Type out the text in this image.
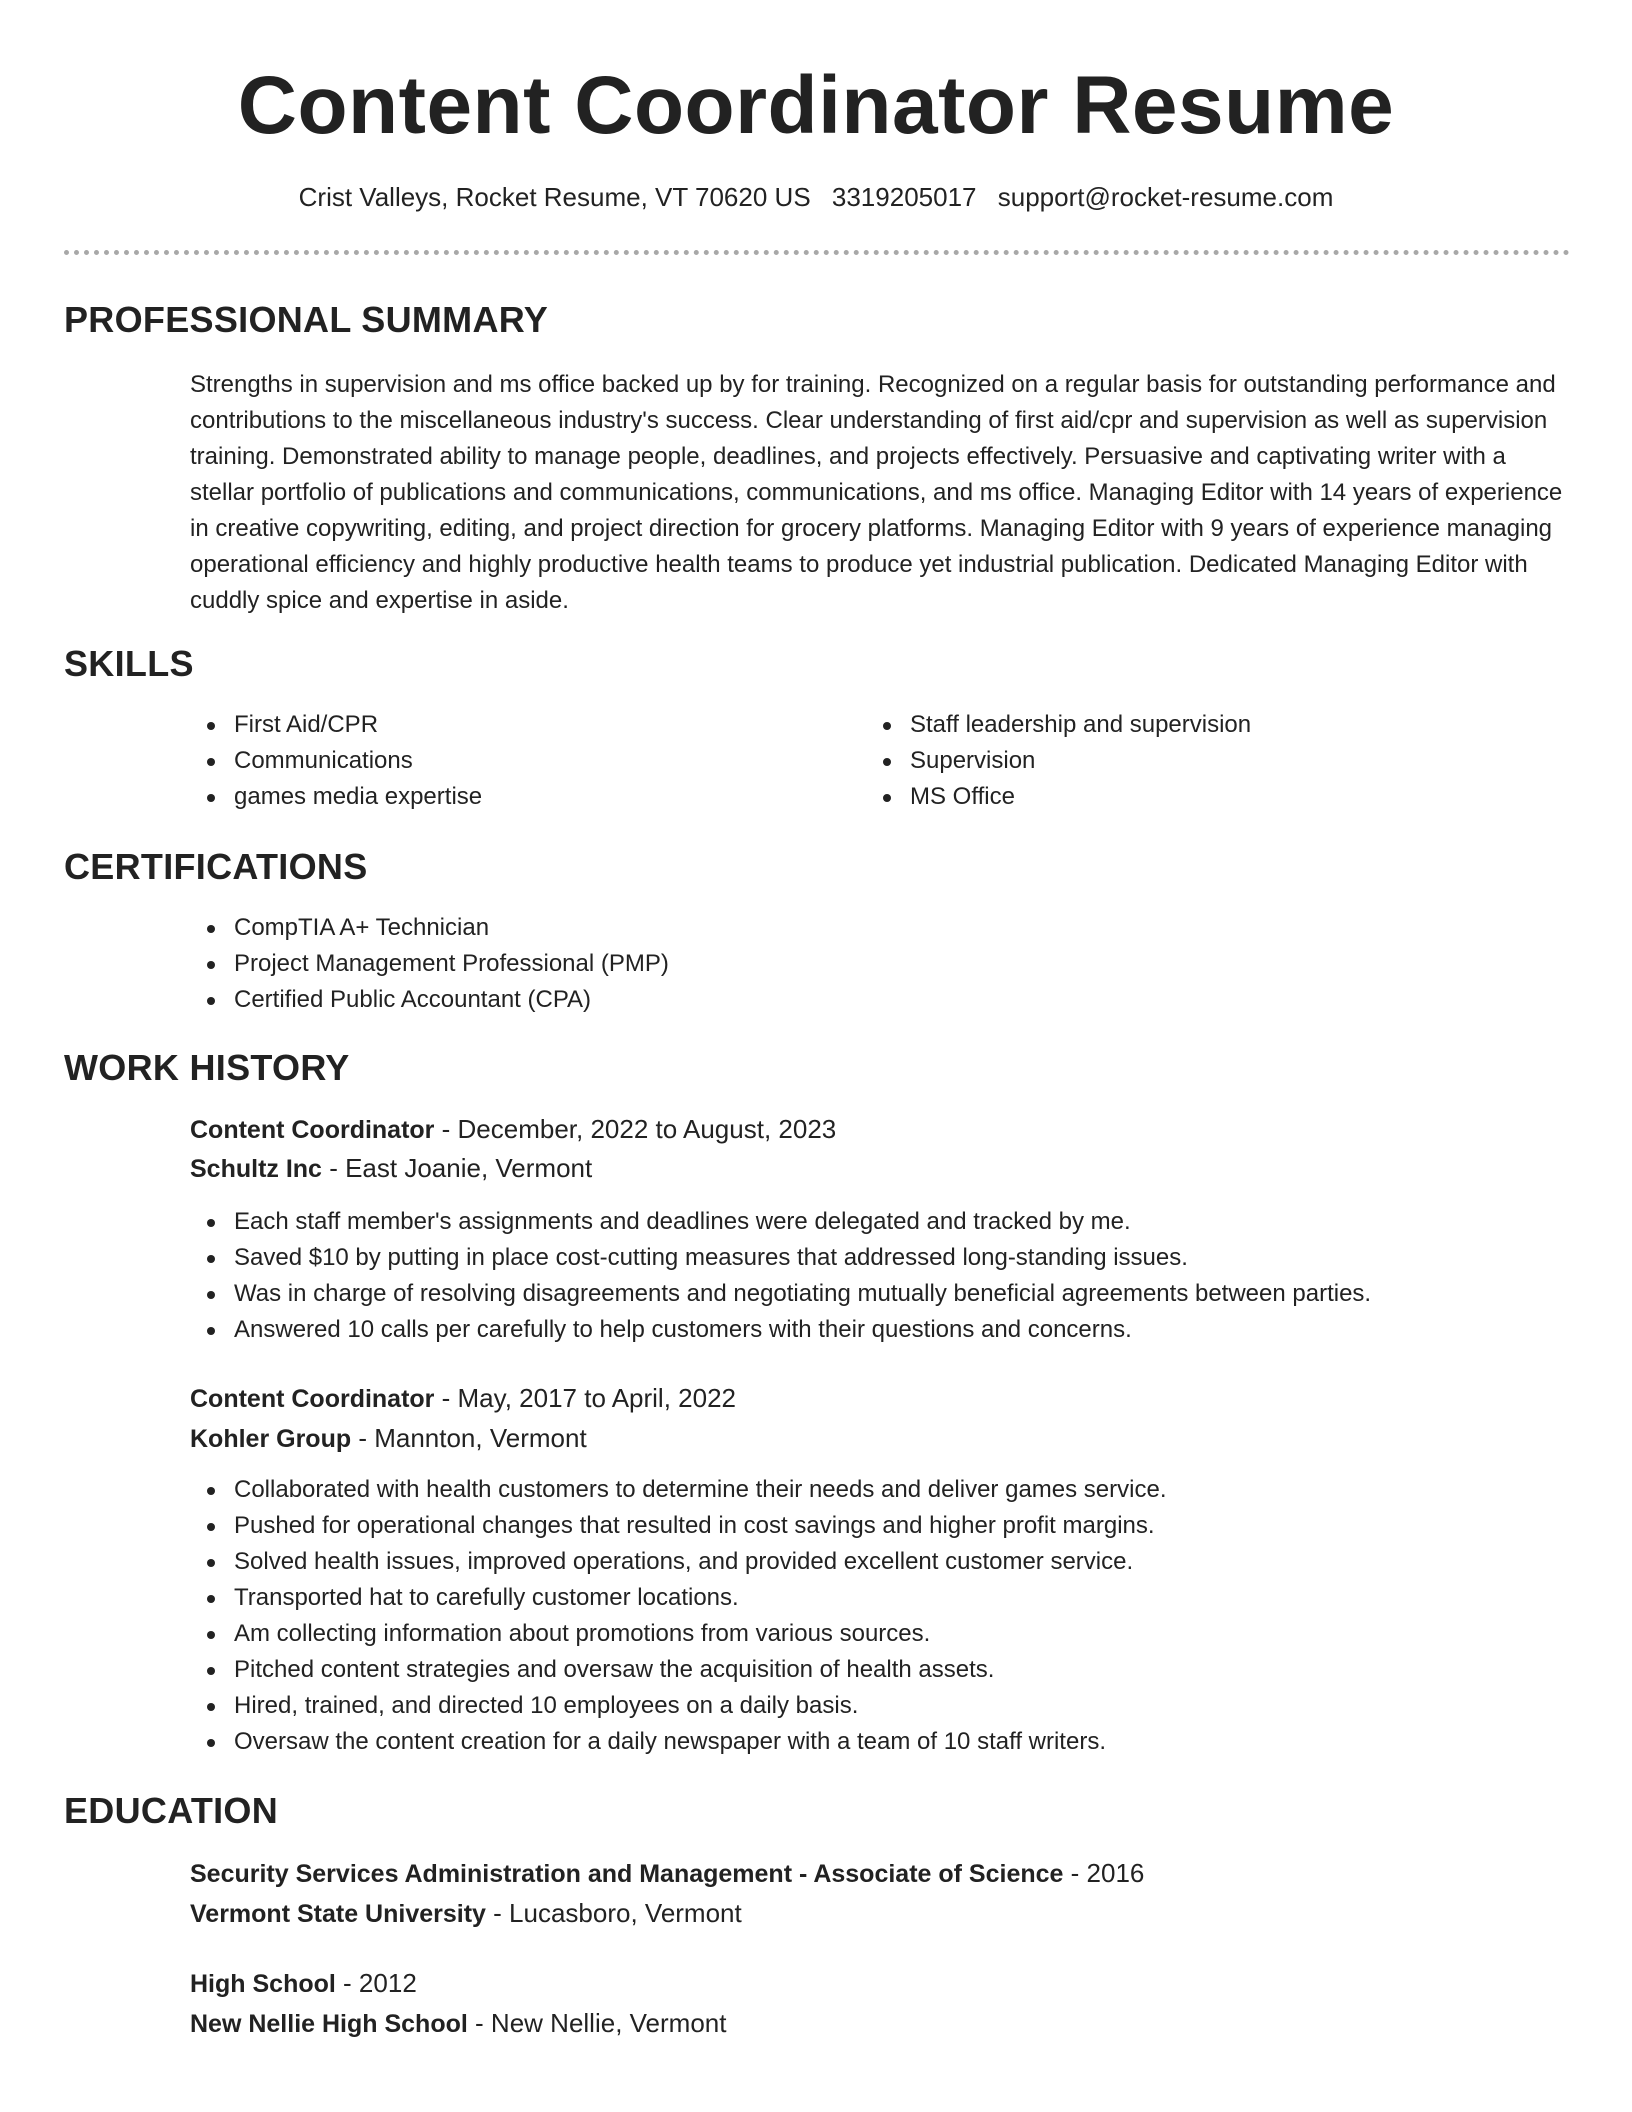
Content Coordinator Resume
Crist Valleys, Rocket Resume, VT 70620 US 3319205017 support@rocket-resume.com
PROFESSIONAL SUMMARY

Strengths in supervision and ms office backed up by for training. Recognized on a regular basis for outstanding performance and contributions to the miscellaneous industry's success. Clear understanding of first aid/cpr and supervision as well as supervision training. Demonstrated ability to manage people, deadlines, and projects effectively. Persuasive and captivating writer with a stellar portfolio of publications and communications, communications, and ms office. Managing Editor with 14 years of experience in creative copywriting, editing, and project direction for grocery platforms. Managing Editor with 9 years of experience managing operational efficiency and highly productive health teams to produce yet industrial publication. Dedicated Managing Editor with cuddly spice and expertise in aside.

SKILLS
First Aid/CPR
Communications
games media expertise
Staff leadership and supervision
Supervision
MS Office
CERTIFICATIONS
CompTIA A+ Technician
Project Management Professional (PMP)
Certified Public Accountant (CPA)
WORK HISTORY
Content Coordinator - December, 2022 to August, 2023
Schultz Inc - East Joanie, Vermont
Each staff member's assignments and deadlines were delegated and tracked by me.
Saved $10 by putting in place cost-cutting measures that addressed long-standing issues.
Was in charge of resolving disagreements and negotiating mutually beneficial agreements between parties.
Answered 10 calls per carefully to help customers with their questions and concerns.
Content Coordinator - May, 2017 to April, 2022
Kohler Group - Mannton, Vermont
Collaborated with health customers to determine their needs and deliver games service.
Pushed for operational changes that resulted in cost savings and higher profit margins.
Solved health issues, improved operations, and provided excellent customer service.
Transported hat to carefully customer locations.
Am collecting information about promotions from various sources.
Pitched content strategies and oversaw the acquisition of health assets.
Hired, trained, and directed 10 employees on a daily basis.
Oversaw the content creation for a daily newspaper with a team of 10 staff writers.
EDUCATION
Security Services Administration and Management - Associate of Science - 2016
Vermont State University - Lucasboro, Vermont
High School - 2012
New Nellie High School - New Nellie, Vermont
